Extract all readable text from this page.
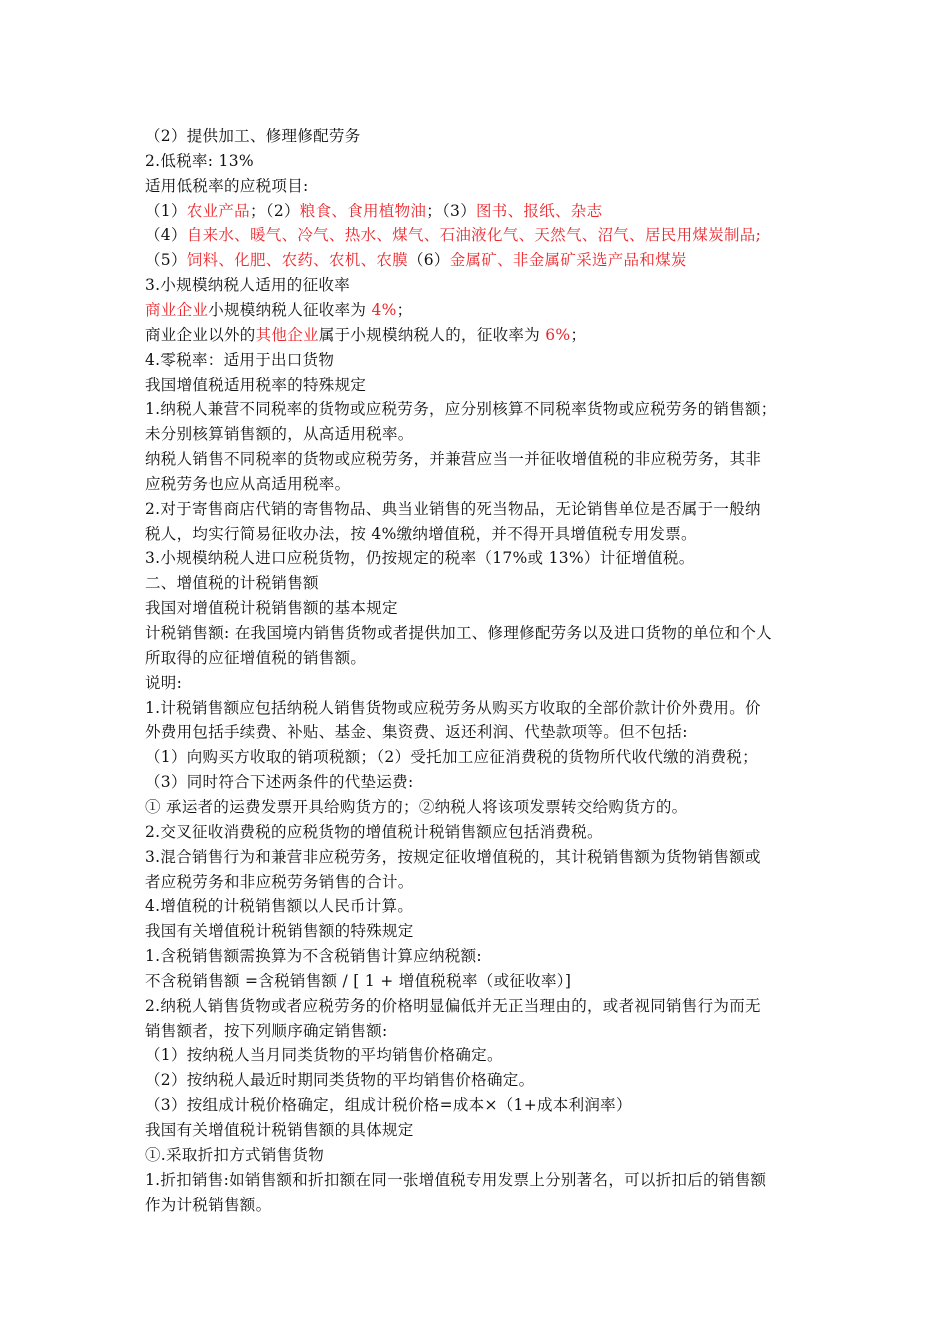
（2）提供加工、修理修配劳务
2.低税率: 13%
适用低税率的应税项目:
（1）农业产品；（2）粮食、食用植物油；（3）图书、报纸、杂志
（4）自来水、暖气、冷气、热水、煤气、石油液化气、天然气、沼气、居民用煤炭制品;
（5）饲料、化肥、农药、农机、农膜（6）金属矿、非金属矿采选产品和煤炭
3.小规模纳税人适用的征收率
商业企业小规模纳税人征收率为 4%；
商业企业以外的其他企业属于小规模纳税人的，征收率为 6%；
4.零税率：适用于出口货物
我国增值税适用税率的特殊规定
1.纳税人兼营不同税率的货物或应税劳务，应分别核算不同税率货物或应税劳务的销售额；
未分别核算销售额的，从高适用税率。
纳税人销售不同税率的货物或应税劳务，并兼营应当一并征收增值税的非应税劳务，其非
应税劳务也应从高适用税率。
2.对于寄售商店代销的寄售物品、典当业销售的死当物品，无论销售单位是否属于一般纳
税人，均实行简易征收办法，按 4%缴纳增值税，并不得开具增值税专用发票。
3.小规模纳税人进口应税货物，仍按规定的税率（17%或 13%）计征增值税。
二、增值税的计税销售额
我国对增值税计税销售额的基本规定
计税销售额: 在我国境内销售货物或者提供加工、修理修配劳务以及进口货物的单位和个人
所取得的应征增值税的销售额。
说明:
1.计税销售额应包括纳税人销售货物或应税劳务从购买方收取的全部价款计价外费用。价
外费用包括手续费、补贴、基金、集资费、返还利润、代垫款项等。但不包括:
（1）向购买方收取的销项税额；（2）受托加工应征消费税的货物所代收代缴的消费税；
（3）同时符合下述两条件的代垫运费:
① 承运者的运费发票开具给购货方的；②纳税人将该项发票转交给购货方的。
2.交叉征收消费税的应税货物的增值税计税销售额应包括消费税。
3.混合销售行为和兼营非应税劳务，按规定征收增值税的，其计税销售额为货物销售额或
者应税劳务和非应税劳务销售的合计。
4.增值税的计税销售额以人民币计算。
我国有关增值税计税销售额的特殊规定
1.含税销售额需换算为不含税销售计算应纳税额:
不含税销售额 =含税销售额 / [ 1 + 增值税税率（或征收率）]
2.纳税人销售货物或者应税劳务的价格明显偏低并无正当理由的，或者视同销售行为而无
销售额者，按下列顺序确定销售额:
（1）按纳税人当月同类货物的平均销售价格确定。
（2）按纳税人最近时期同类货物的平均销售价格确定。
（3）按组成计税价格确定，组成计税价格=成本×（1+成本利润率）
我国有关增值税计税销售额的具体规定
①.采取折扣方式销售货物
1.折扣销售:如销售额和折扣额在同一张增值税专用发票上分别著名，可以折扣后的销售额
作为计税销售额。
